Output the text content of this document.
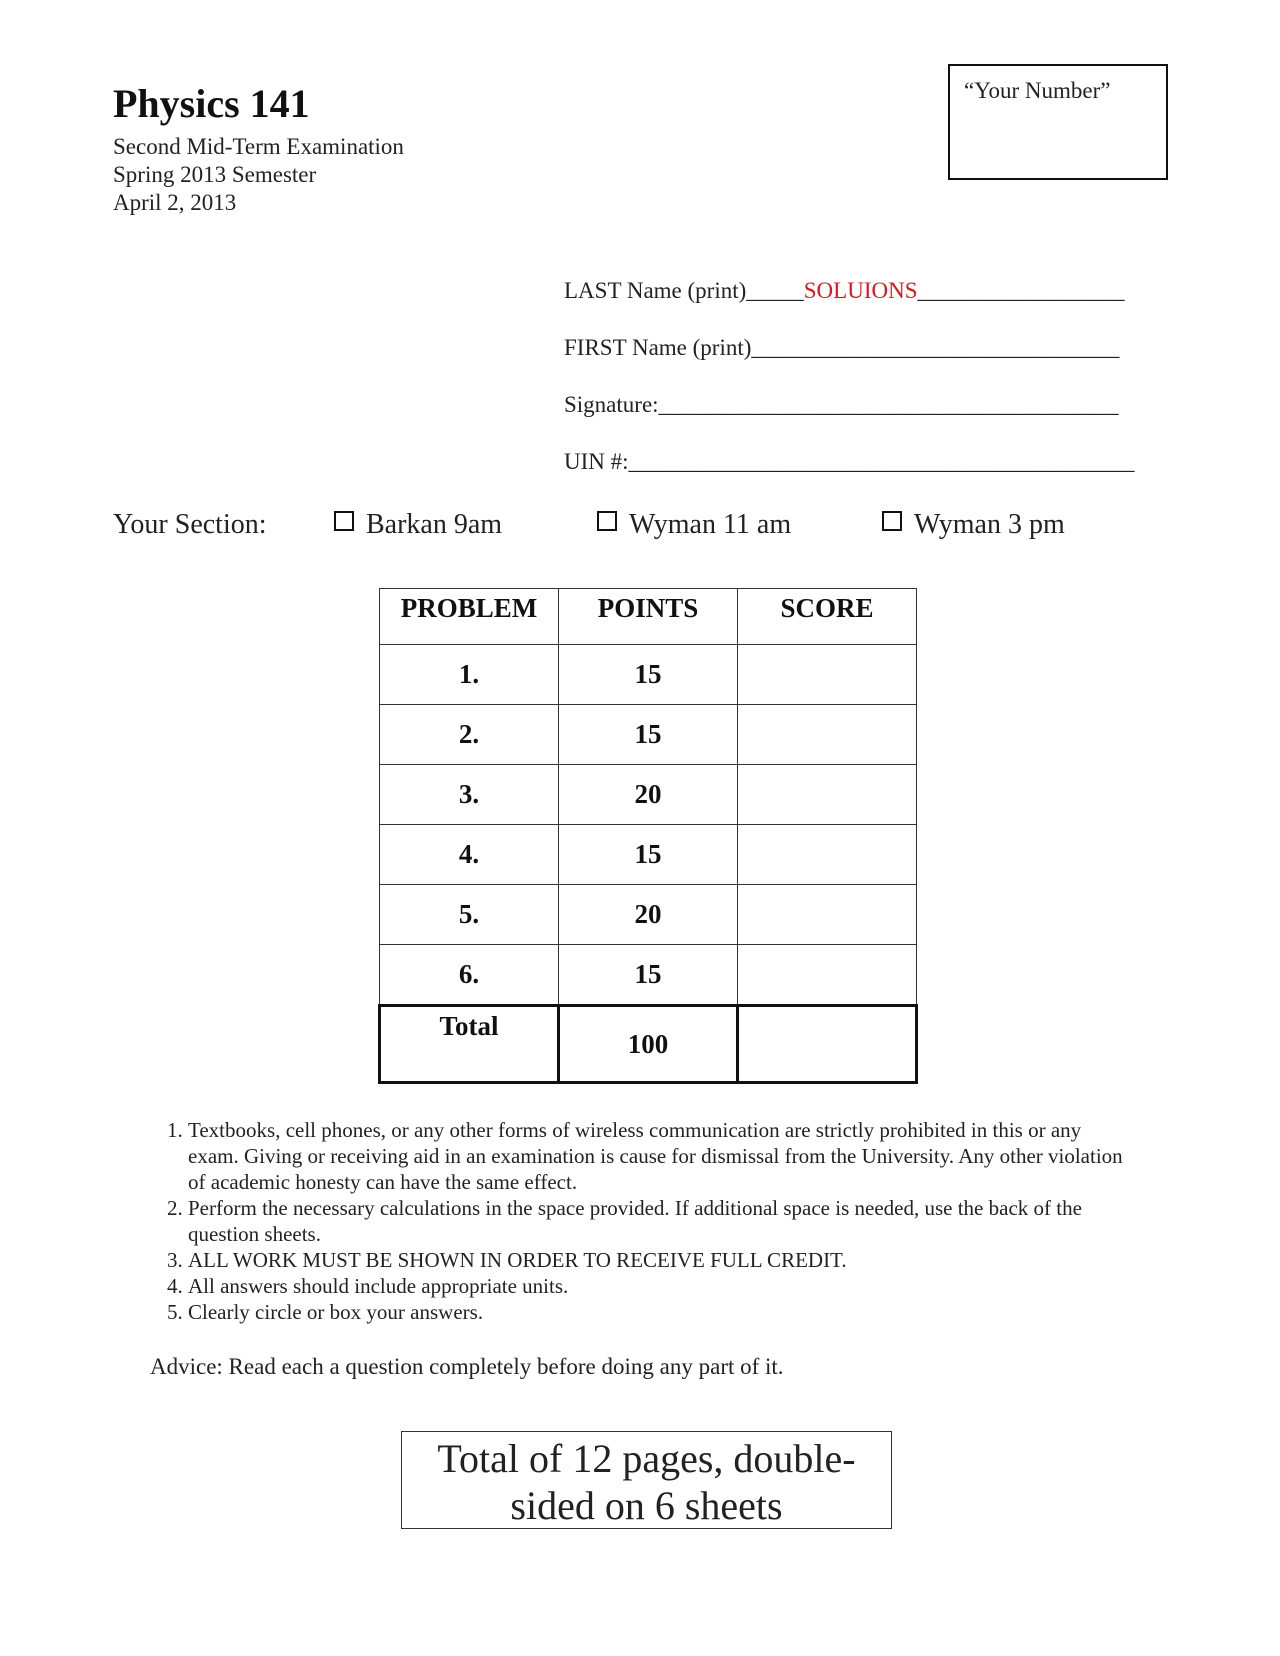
Physics 141
Second Mid-Term Examination
Spring 2013 Semester
April 2, 2013
“Your Number”
LAST Name (print)_____SOLUIONS__________________
FIRST Name (print)________________________________
Signature:________________________________________
UIN #:____________________________________________
Your Section:	Barkan 9am	Wyman 11 am	Wyman 3 pm
PROBLEM	POINTS	SCORE
1.	15	
2.	15	
3.	20	
4.	15	
5.	20	
6.	15	
Total	100	
1. Textbooks, cell phones, or any other forms of wireless communication are strictly prohibited in this or any exam. Giving or receiving aid in an examination is cause for dismissal from the University. Any other violation of academic honesty can have the same effect.
2. Perform the necessary calculations in the space provided. If additional space is needed, use the back of the question sheets.
3. ALL WORK MUST BE SHOWN IN ORDER TO RECEIVE FULL CREDIT.
4. All answers should include appropriate units.
5. Clearly circle or box your answers.
Advice: Read each a question completely before doing any part of it.
Total of 12 pages, double-
sided on 6 sheets
